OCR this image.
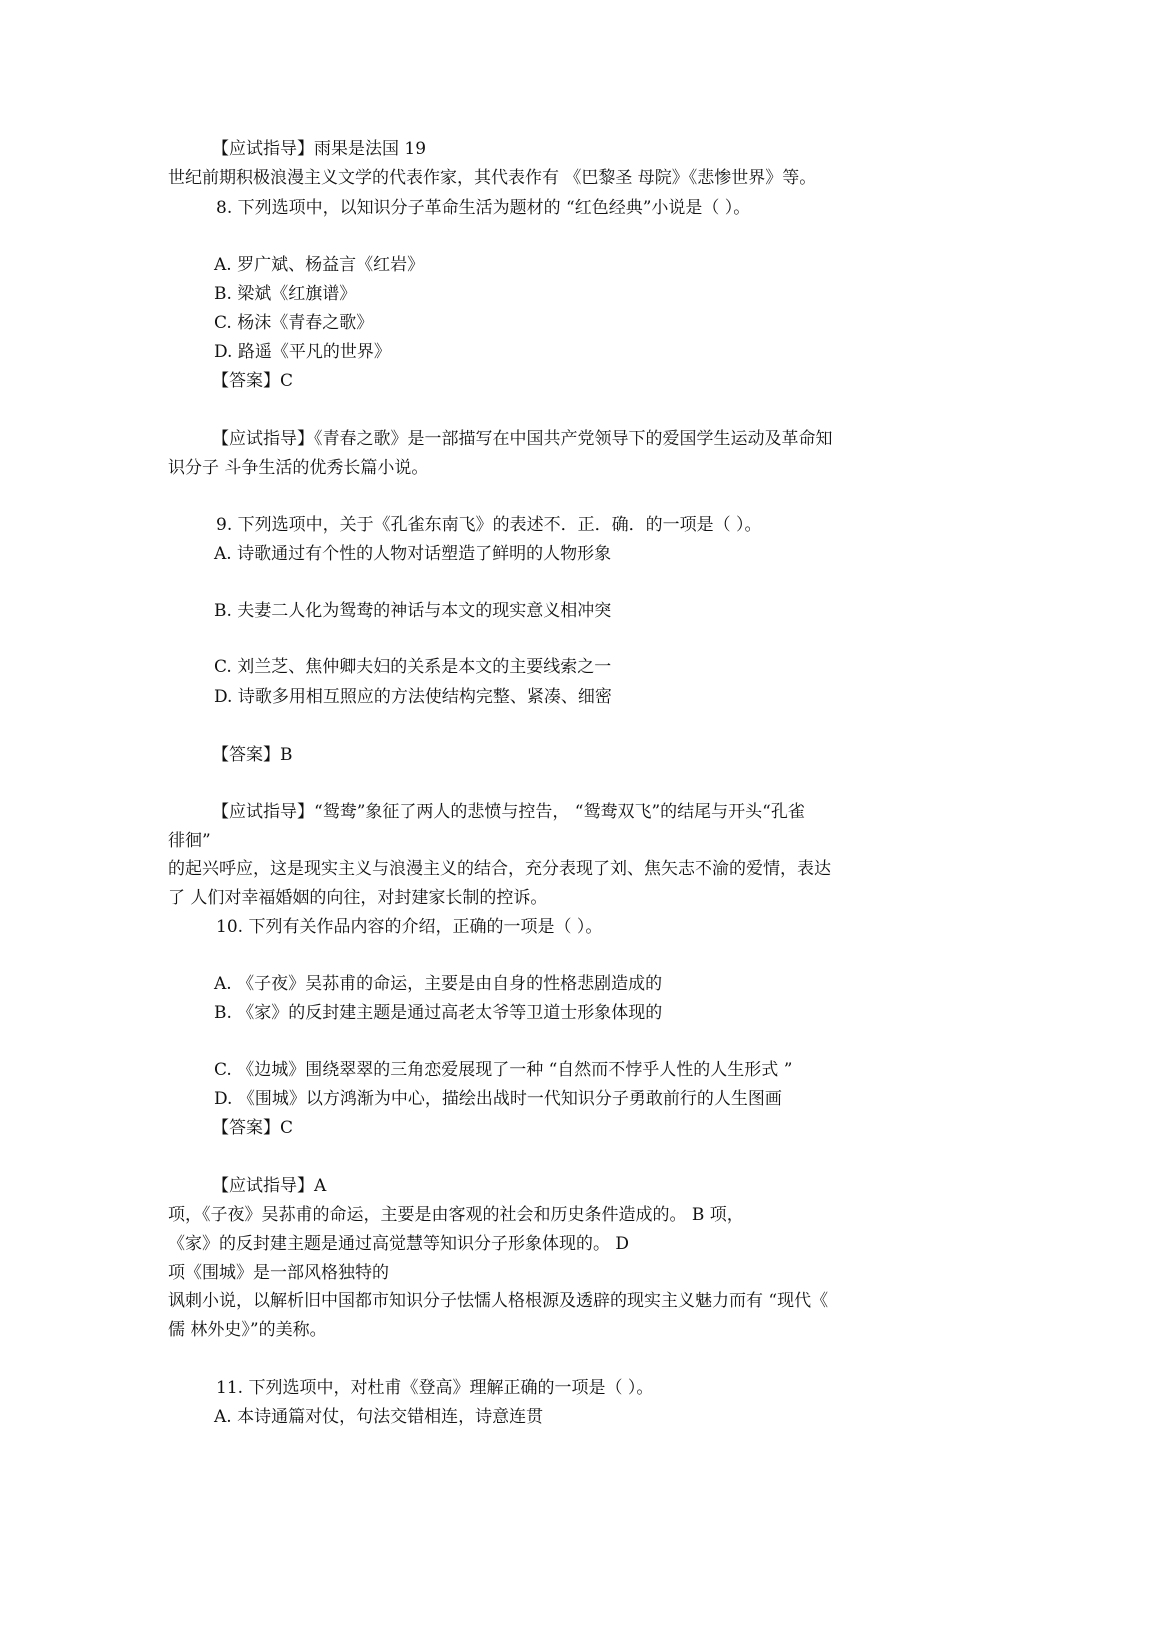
【应试指导】雨果是法国 19
世纪前期积极浪漫主义文学的代表作家，其代表作有 《巴黎圣 母院》《悲惨世界》等。
8. 下列选项中，以知识分子革命生活为题材的 “红色经典”小说是（ ）。
A. 罗广斌、杨益言《红岩》
B. 梁斌《红旗谱》
C. 杨沫《青春之歌》
D. 路遥《平凡的世界》
【答案】C
【应试指导】《青春之歌》是一部描写在中国共产党领导下的爱国学生运动及革命知
识分子 斗争生活的优秀长篇小说。
9. 下列选项中，关于《孔雀东南飞》的表述不．正．确．的一项是（ ）。
A. 诗歌通过有个性的人物对话塑造了鲜明的人物形象
B. 夫妻二人化为鸳鸯的神话与本文的现实意义相冲突
C. 刘兰芝、焦仲卿夫妇的关系是本文的主要线索之一
D. 诗歌多用相互照应的方法使结构完整、紧凑、细密
【答案】B
【应试指导】“鸳鸯”象征了两人的悲愤与控告， “鸳鸯双飞”的结尾与开头“孔雀
徘徊”
的起兴呼应，这是现实主义与浪漫主义的结合，充分表现了刘、焦矢志不渝的爱情，表达
了 人们对幸福婚姻的向往，对封建家长制的控诉。
10. 下列有关作品内容的介绍，正确的一项是（ ）。
A. 《子夜》吴荪甫的命运，主要是由自身的性格悲剧造成的
B. 《家》的反封建主题是通过高老太爷等卫道士形象体现的
C. 《边城》围绕翠翠的三角恋爱展现了一种 “自然而不悖乎人性的人生形式 ”
D. 《围城》以方鸿渐为中心，描绘出战时一代知识分子勇敢前行的人生图画
【答案】C
【应试指导】A
项，《子夜》吴荪甫的命运，主要是由客观的社会和历史条件造成的。 B 项，
《家》的反封建主题是通过高觉慧等知识分子形象体现的。 D
项《围城》是一部风格独特的
讽刺小说，以解析旧中国都市知识分子怯懦人格根源及透辟的现实主义魅力而有 “现代《
儒 林外史》”的美称。
11. 下列选项中，对杜甫《登高》理解正确的一项是（ ）。
A. 本诗通篇对仗，句法交错相连，诗意连贯
